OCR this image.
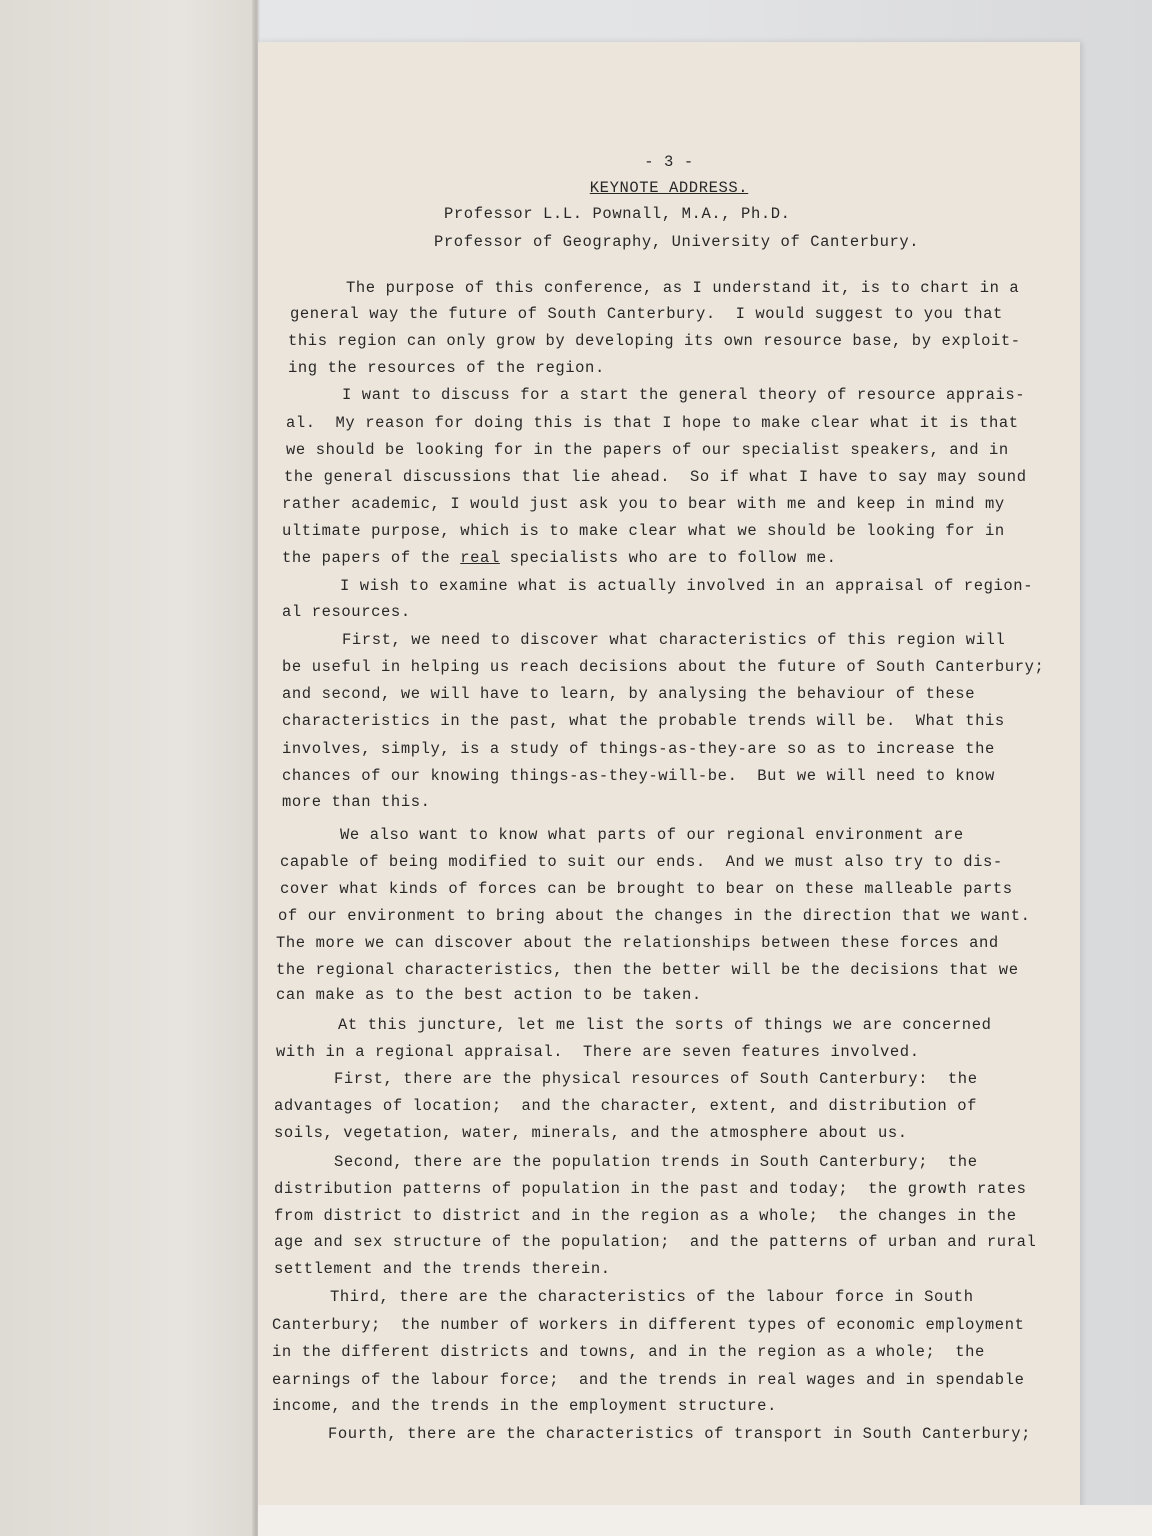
- 3 -

KEYNOTE ADDRESS.

Professor L.L. Pownall, M.A., Ph.D.

Professor of Geography, University of Canterbury.

The purpose of this conference, as I understand it, is to chart in a

general way the future of South Canterbury.  I would suggest to you that

this region can only grow by developing its own resource base, by exploit-

ing the resources of the region.

I want to discuss for a start the general theory of resource apprais-

al.  My reason for doing this is that I hope to make clear what it is that

we should be looking for in the papers of our specialist speakers, and in

the general discussions that lie ahead.  So if what I have to say may sound

rather academic, I would just ask you to bear with me and keep in mind my

ultimate purpose, which is to make clear what we should be looking for in

the papers of the real specialists who are to follow me.

I wish to examine what is actually involved in an appraisal of region-

al resources.

First, we need to discover what characteristics of this region will

be useful in helping us reach decisions about the future of South Canterbury;

and second, we will have to learn, by analysing the behaviour of these

characteristics in the past, what the probable trends will be.  What this

involves, simply, is a study of things-as-they-are so as to increase the

chances of our knowing things-as-they-will-be.  But we will need to know

more than this.

We also want to know what parts of our regional environment are

capable of being modified to suit our ends.  And we must also try to dis-

cover what kinds of forces can be brought to bear on these malleable parts

of our environment to bring about the changes in the direction that we want.

The more we can discover about the relationships between these forces and

the regional characteristics, then the better will be the decisions that we

can make as to the best action to be taken.

At this juncture, let me list the sorts of things we are concerned

with in a regional appraisal.  There are seven features involved.

First, there are the physical resources of South Canterbury:  the

advantages of location;  and the character, extent, and distribution of

soils, vegetation, water, minerals, and the atmosphere about us.

Second, there are the population trends in South Canterbury;  the

distribution patterns of population in the past and today;  the growth rates

from district to district and in the region as a whole;  the changes in the

age and sex structure of the population;  and the patterns of urban and rural

settlement and the trends therein.

Third, there are the characteristics of the labour force in South

Canterbury;  the number of workers in different types of economic employment

in the different districts and towns, and in the region as a whole;  the

earnings of the labour force;  and the trends in real wages and in spendable

income, and the trends in the employment structure.

Fourth, there are the characteristics of transport in South Canterbury;
